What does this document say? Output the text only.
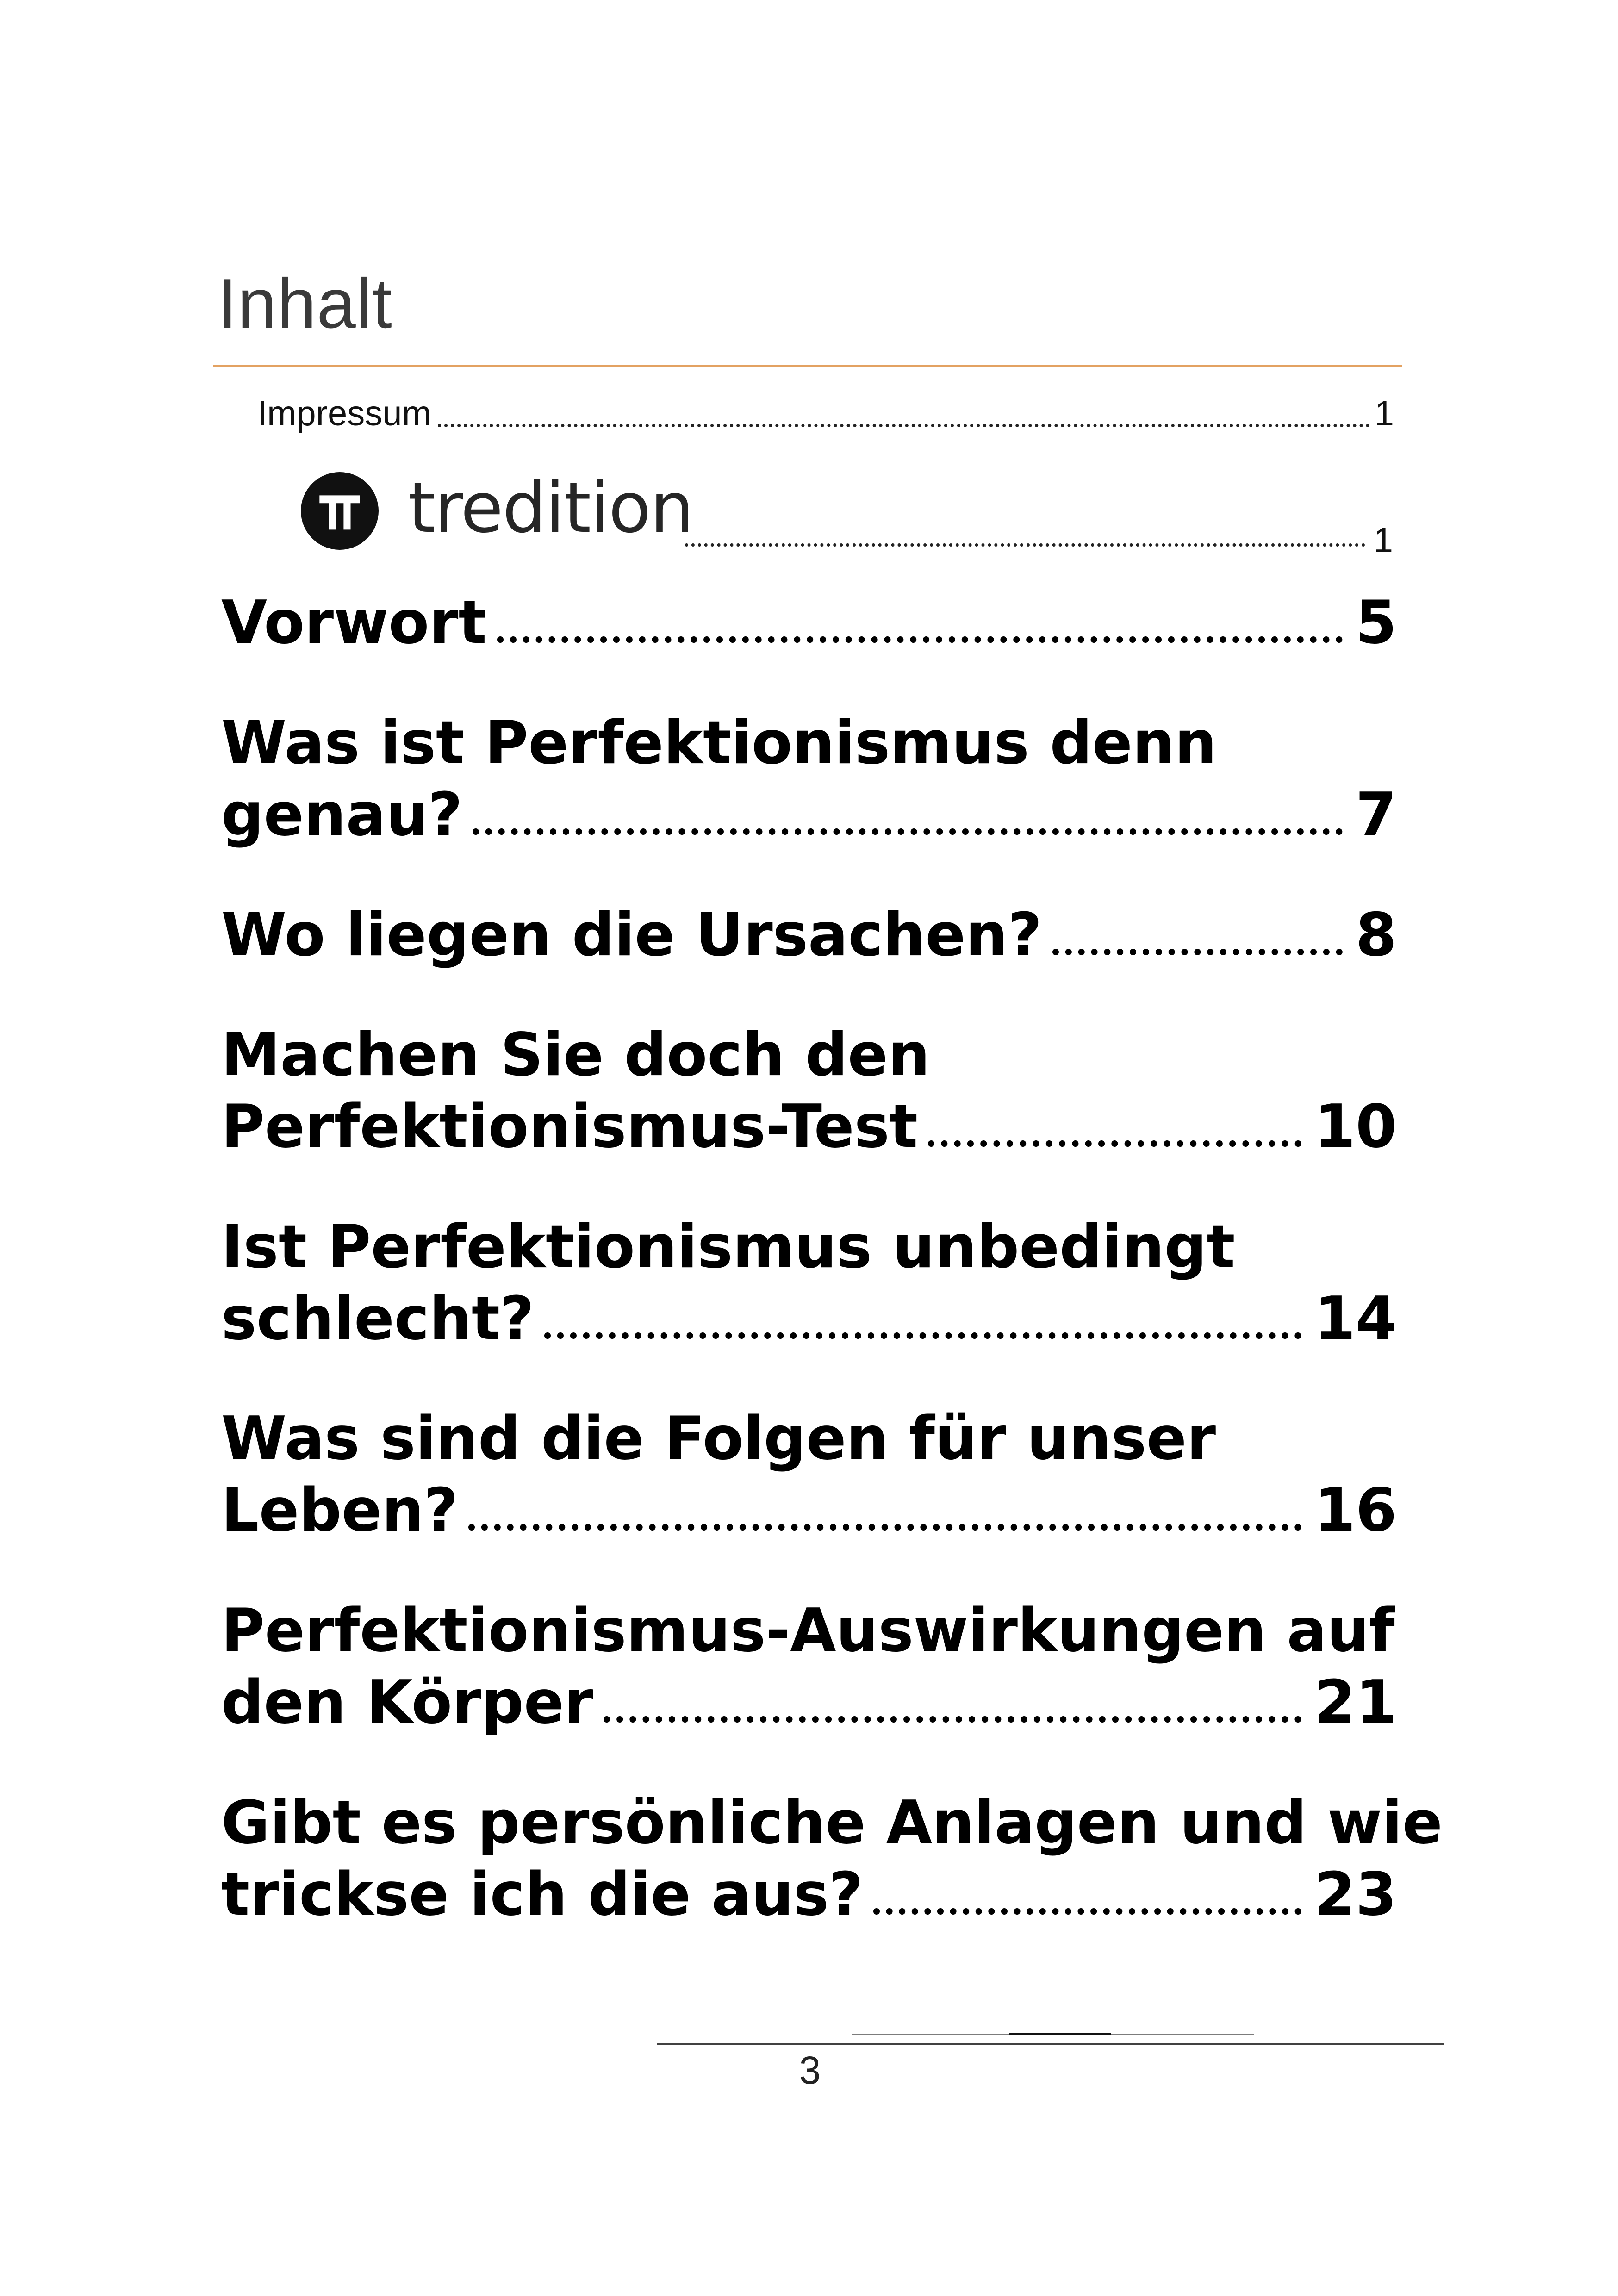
Inhalt
Impressum	1
tredition	1
Vorwort	5
Was ist Perfektionismus denn
genau?	7
Wo liegen die Ursachen?	8
Machen Sie doch den
Perfektionismus-Test	10
Ist Perfektionismus unbedingt
schlecht?	14
Was sind die Folgen für unser
Leben?	16
Perfektionismus-Auswirkungen auf
den Körper	21
Gibt es persönliche Anlagen und wie
trickse ich die aus?	23
3
